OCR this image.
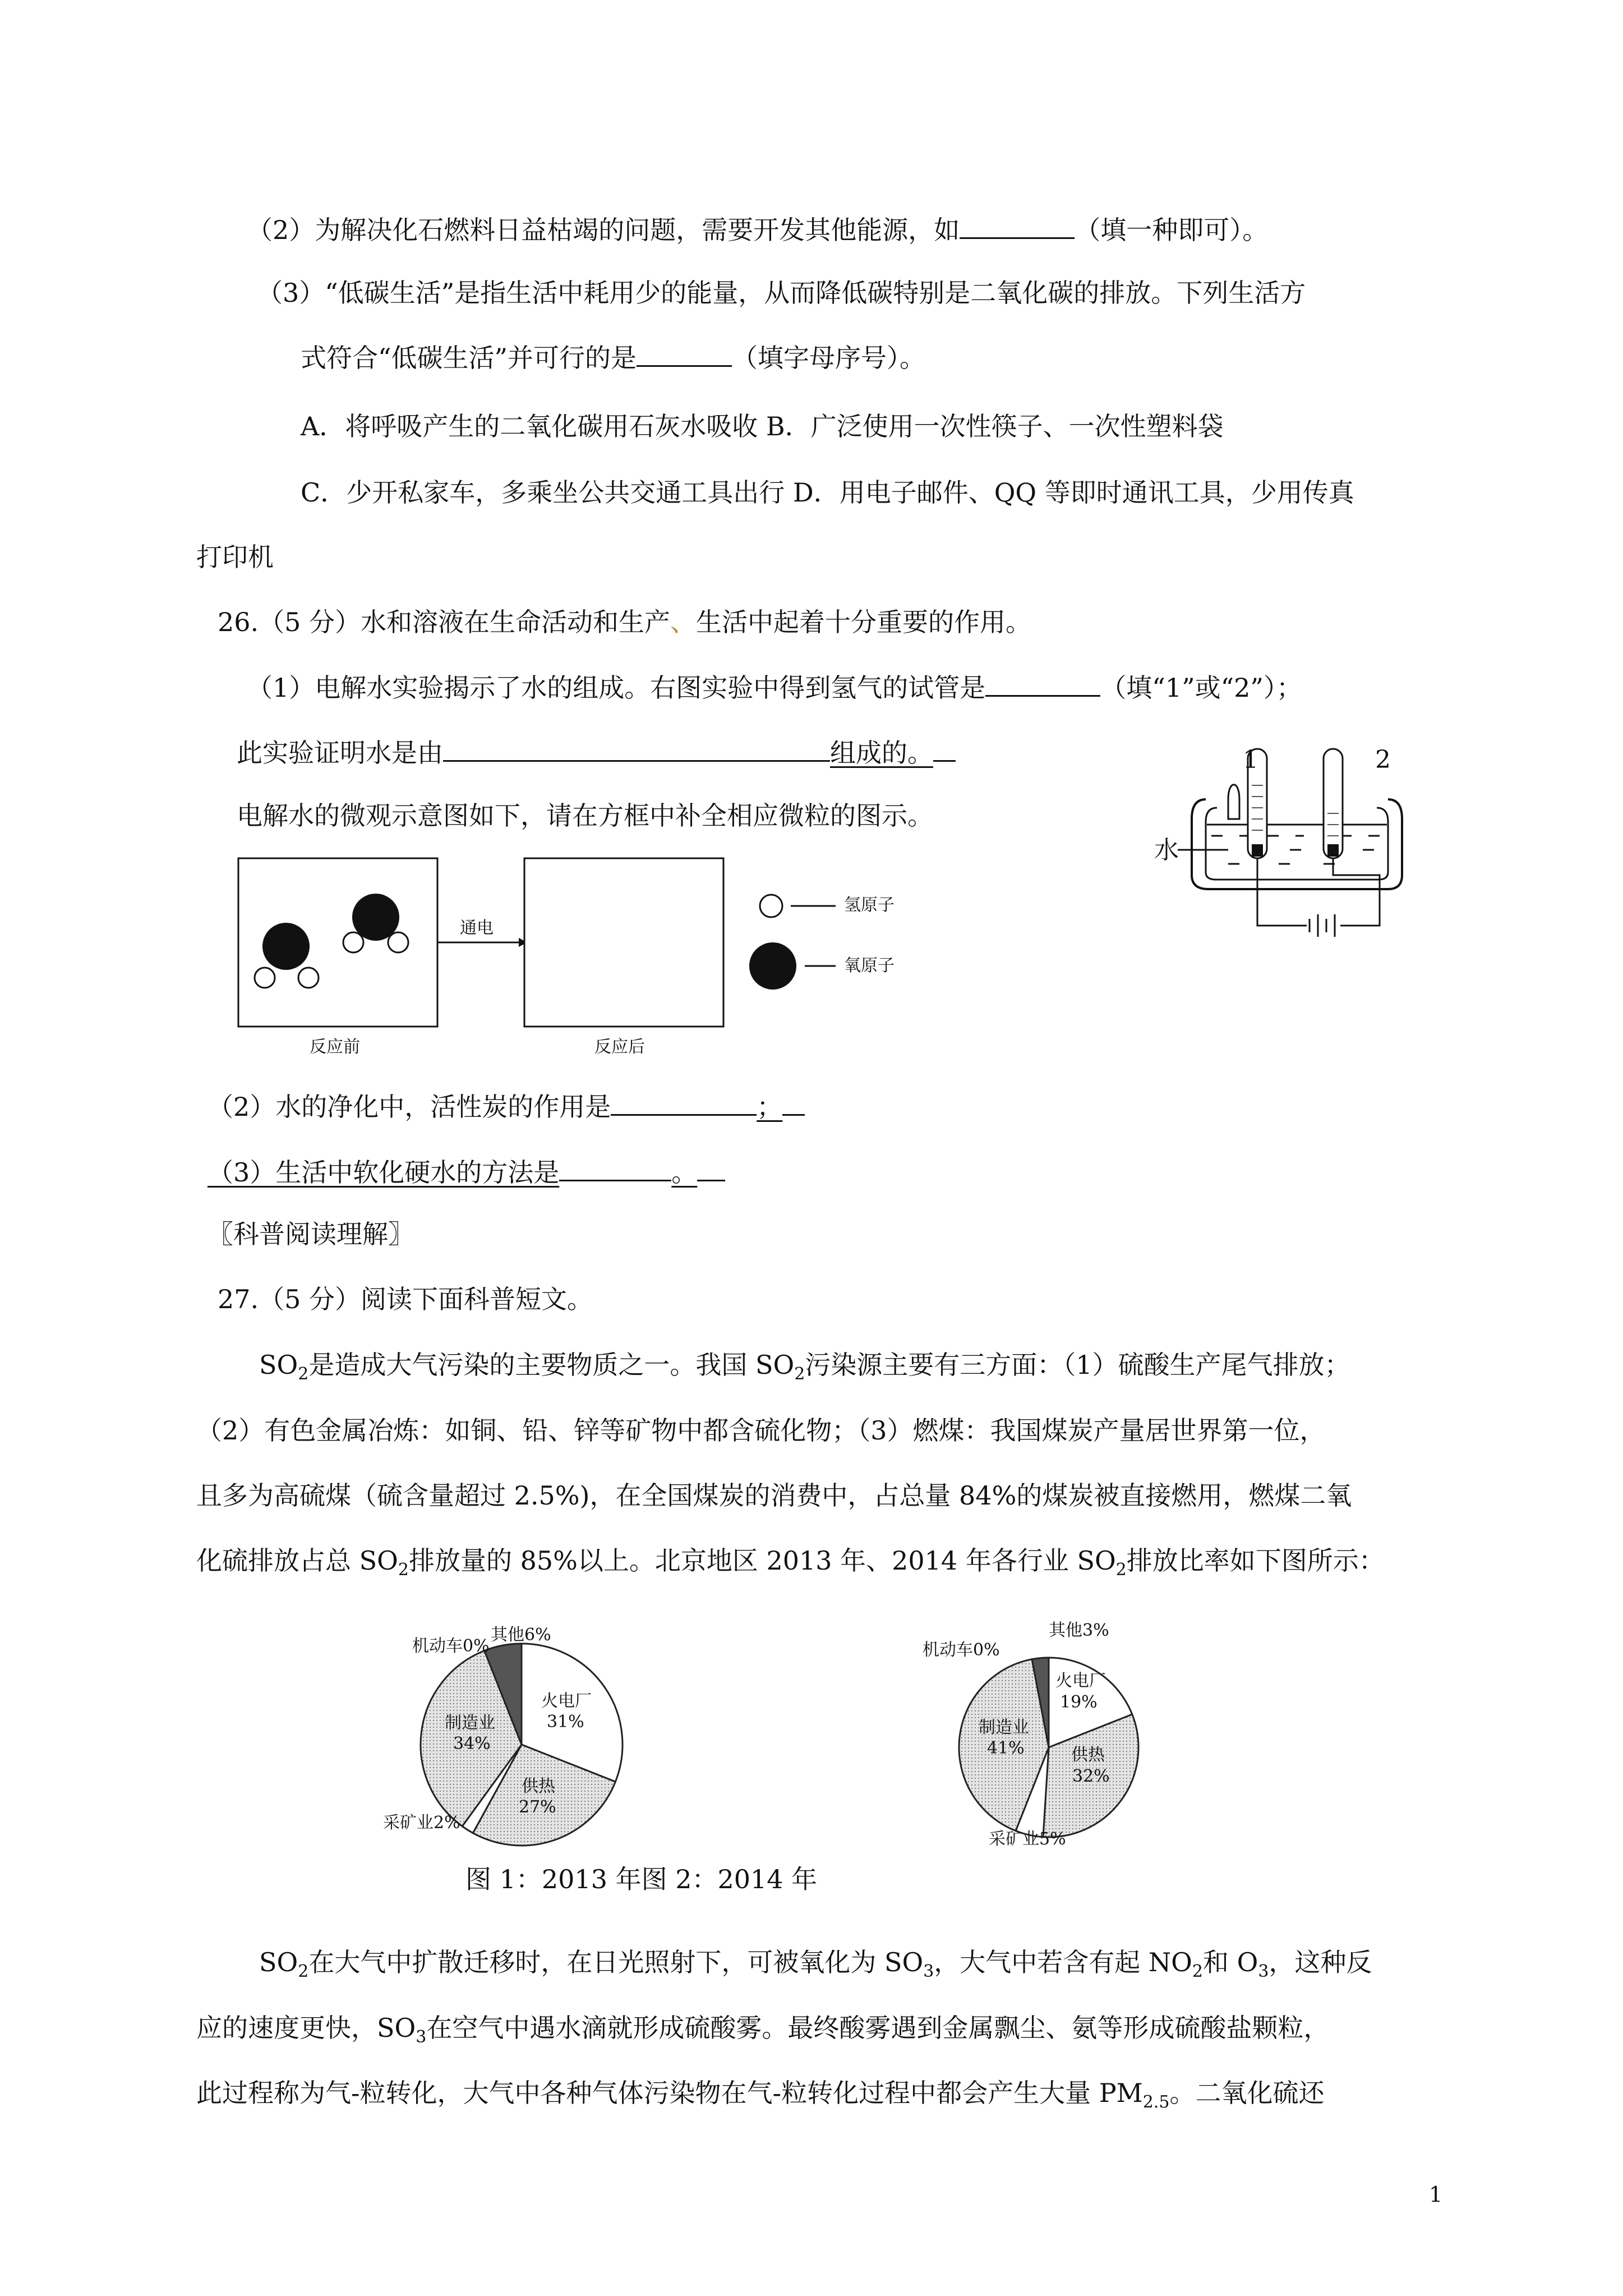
（2）为解决化石燃料日益枯竭的问题，需要开发其他能源，如	（填一种即可）。
（3）“低碳生活”是指生活中耗用少的能量，从而降低碳特别是二氧化碳的排放。下列生活方
式符合“低碳生活”并可行的是	（填字母序号）。
A．将呼吸产生的二氧化碳用石灰水吸收 B．广泛使用一次性筷子、一次性塑料袋
C．少开私家车，多乘坐公共交通工具出行 D．用电子邮件、QQ 等即时通讯工具，少用传真
打印机
26.（5 分）水和溶液在生命活动和生产、生活中起着十分重要的作用。
（1）电解水实验揭示了水的组成。右图实验中得到氢气的试管是	（填“1”或“2”）；
此实验证明水是由	组成的。
电解水的微观示意图如下，请在方框中补全相应微粒的图示。
1	2
水
通电
反应前	反应后
氢原子
氧原子
（2）水的净化中，活性炭的作用是	；
（3）生活中软化硬水的方法是	。
〖科普阅读理解〗
27.（5 分）阅读下面科普短文。
$SO_2$是造成大气污染的主要物质之一。我国 $SO_2$污染源主要有三方面：（1）硫酸生产尾气排放；
（2）有色金属冶炼：如铜、铅、锌等矿物中都含硫化物；（3）燃煤：我国煤炭产量居世界第一位，
且多为高硫煤（硫含量超过 2.5%)，在全国煤炭的消费中，占总量 84%的煤炭被直接燃用，燃煤二氧
化硫排放占总 $SO_2$排放量的 85%以上。北京地区 2013 年、2014 年各行业 $SO_2$排放比率如下图所示：
其他6%
机动车0%
火电厂
31%
制造业
34%
供热
27%
采矿业2%
其他3%
机动车0%
火电厂
19%
制造业
41%	供热
32%
采矿业5%
图 1：2013 年图 2：2014 年
$SO_2$在大气中扩散迁移时，在日光照射下，可被氧化为 $SO_3$，大气中若含有起 $NO_2$和 $O_3$，这种反
应的速度更快，$SO_3$在空气中遇水滴就形成硫酸雾。最终酸雾遇到金属飘尘、氨等形成硫酸盐颗粒，
此过程称为气-粒转化，大气中各种气体污染物在气-粒转化过程中都会产生大量 $PM_{2.5}$。二氧化硫还
1
